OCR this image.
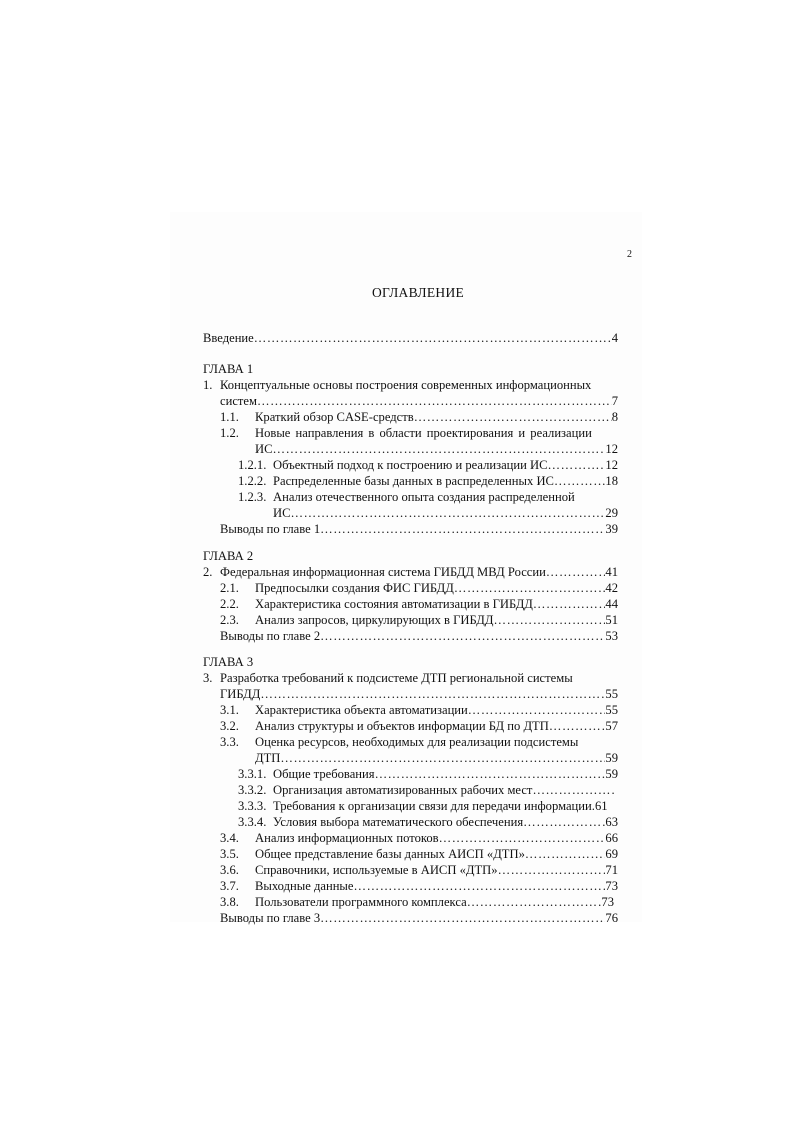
2
ОГЛАВЛЕНИЕ
Введение ……………………………………………………………………………………………………………………………………………………………………………………	4
ГЛАВА 1
1. Концептуальные основы построения современных информационных
систем ……………………………………………………………………………………………………………………………………………………………………………………	7
1.1.	Краткий обзор CASE-средств ……………………………………………………………………………………………………………………………………………………………………………………	8
1.2. Новые направления в области проектирования и реализации
ИС ……………………………………………………………………………………………………………………………………………………………………………………	12
1.2.1. Объектный подход к построению и реализации ИС ……………………………………………………………………………………………………………………………………………………………………………………	12
1.2.2. Распределенные базы данных в распределенных ИС ……………………………………………………………………………………………………………………………………………………………………………………	18
1.2.3. Анализ отечественного опыта создания распределенной
ИС ……………………………………………………………………………………………………………………………………………………………………………………	29
Выводы по главе 1 ……………………………………………………………………………………………………………………………………………………………………………………	39
ГЛАВА 2
2. Федеральная информационная система ГИБДД МВД России ……………………………………………………………………………………………………………………………………………………………………………………	41
2.1.	Предпосылки создания ФИС ГИБДД ……………………………………………………………………………………………………………………………………………………………………………………	42
2.2.	Характеристика состояния автоматизации в ГИБДД ……………………………………………………………………………………………………………………………………………………………………………………	44
2.3.	Анализ запросов, циркулирующих в ГИБДД ……………………………………………………………………………………………………………………………………………………………………………………	51
Выводы по главе 2 ……………………………………………………………………………………………………………………………………………………………………………………	53
ГЛАВА 3
3. Разработка требований к подсистеме ДТП региональной системы
ГИБДД ……………………………………………………………………………………………………………………………………………………………………………………	55
3.1.	Характеристика объекта автоматизации ……………………………………………………………………………………………………………………………………………………………………………………	55
3.2.	Анализ структуры и объектов информации БД по ДТП ……………………………………………………………………………………………………………………………………………………………………………………	57
3.3. Оценка ресурсов, необходимых для реализации подсистемы
ДТП ……………………………………………………………………………………………………………………………………………………………………………………	59
3.3.1. Общие требования ……………………………………………………………………………………………………………………………………………………………………………………	59
3.3.2. Организация автоматизированных рабочих мест
……………………………………………………………………………………………………………………………………………………………………………………
3.3.3. Требования к организации связи для передачи информации. 61
3.3.4. Условия выбора математического обеспечения ……………………………………………………………………………………………………………………………………………………………………………………	63
3.4.	Анализ информационных потоков ……………………………………………………………………………………………………………………………………………………………………………………	66
3.5.	Общее представление базы данных АИСП «ДТП» ……………………………………………………………………………………………………………………………………………………………………………………	69
3.6.	Справочники, используемые в АИСП «ДТП» ……………………………………………………………………………………………………………………………………………………………………………………	71
3.7.	Выходные данные ……………………………………………………………………………………………………………………………………………………………………………………	73
3.8.	Пользователи программного комплекса ……………………………………………………………………………………………………………………………………………………………………………………	73
Выводы по главе 3 ……………………………………………………………………………………………………………………………………………………………………………………	76
